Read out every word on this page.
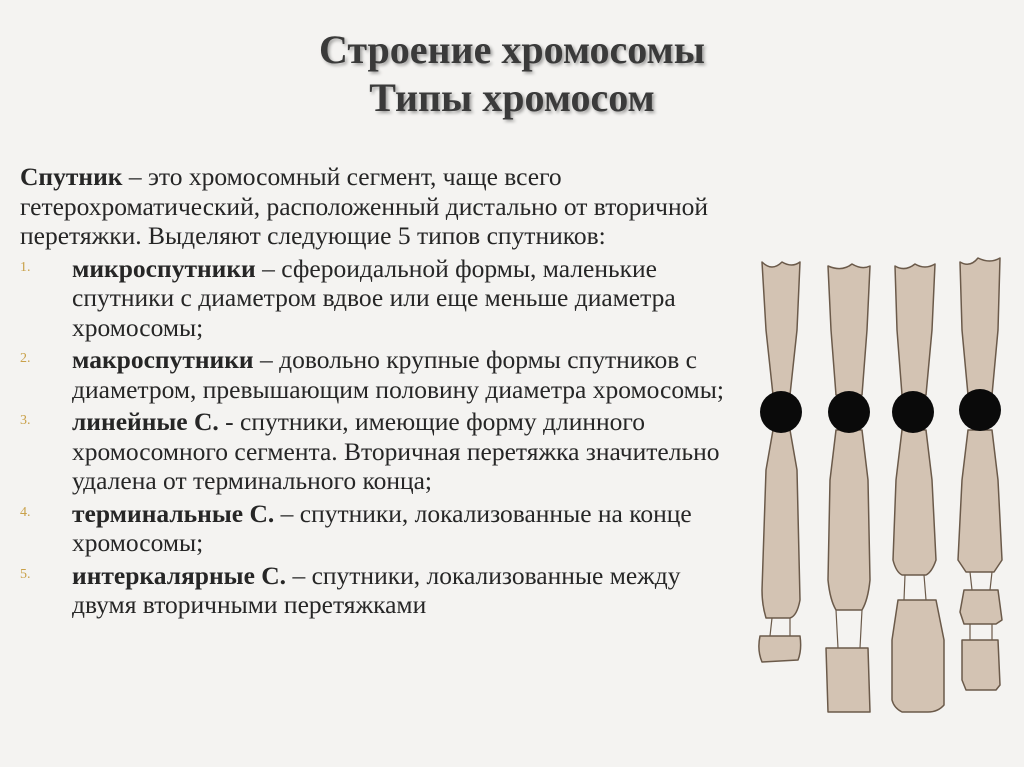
Строение хромосомы
Типы хромосом

Спутник – это хромосомный сегмент, чаще всего гетерохроматический, расположенный дистально от вторичной перетяжки. Выделяют следующие 5 типов спутников:

1. микроспутники – сфероидальной формы, маленькие спутники с диаметром вдвое или еще меньше диаметра хромосомы;
2. макроспутники – довольно крупные формы спутников с диаметром, превышающим половину диаметра хромосомы;
3. линейные С. - спутники, имеющие форму длинного хромосомного сегмента. Вторичная перетяжка значительно удалена от терминального конца;
4. терминальные С. – спутники, локализованные на конце хромосомы;
5. интеркалярные С. – спутники, локализованные между двумя вторичными перетяжками
